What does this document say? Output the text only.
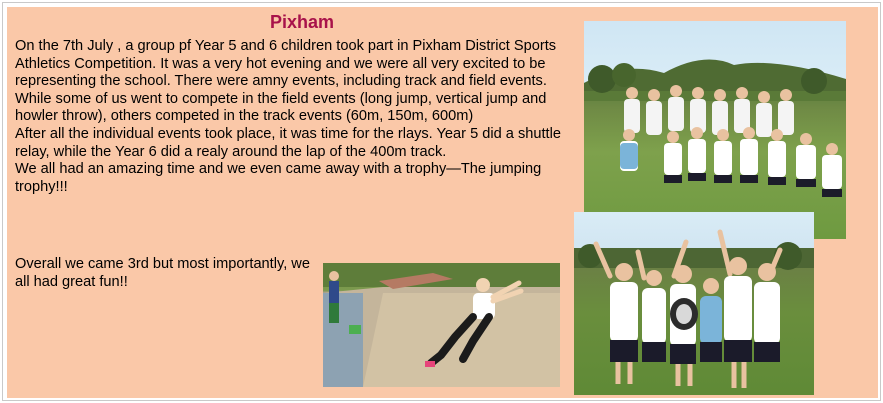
Pixham

On the 7th July , a group pf Year 5 and 6 children took part in Pixham District Sports Athletics Competition. It was a very hot evening and we were all very excited to be representing the school. There were amny events, including track and field events.

While some of us went to compete in the field events (long jump, vertical jump and howler throw), others competed in the track events (60m, 150m, 600m)

After all the individual events took place, it was time for the rlays. Year 5 did a shuttle relay, while the Year 6 did a realy around the lap of the 400m track.

We all had an amazing time and we even came away with a trophy—The jumping trophy!!!

Overall we came 3rd but most importantly, we all had great fun!!
